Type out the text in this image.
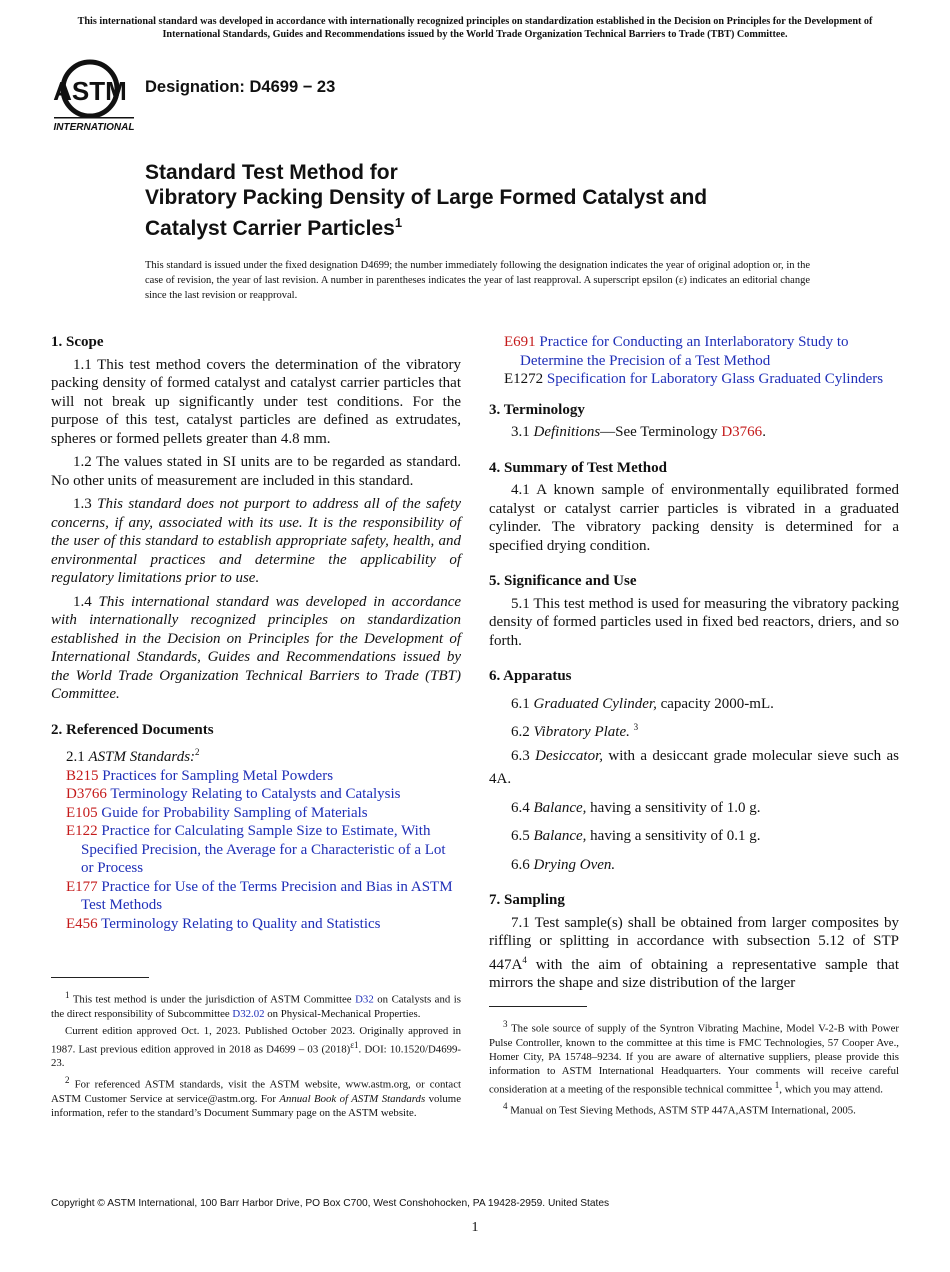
This international standard was developed in accordance with internationally recognized principles on standardization established in the Decision on Principles for the Development of International Standards, Guides and Recommendations issued by the World Trade Organization Technical Barriers to Trade (TBT) Committee.
ASTM
INTERNATIONAL
Designation: D4699 − 23
Standard Test Method for
Vibratory Packing Density of Large Formed Catalyst and
Catalyst Carrier Particles$^1$
This standard is issued under the fixed designation D4699; the number immediately following the designation indicates the year of original adoption or, in the case of revision, the year of last revision. A number in parentheses indicates the year of last reapproval. A superscript epsilon (ε) indicates an editorial change since the last revision or reapproval.
1. Scope
1.1 This test method covers the determination of the vibratory packing density of formed catalyst and catalyst carrier particles that will not break up significantly under test conditions. For the purpose of this test, catalyst particles are defined as extrudates, spheres or formed pellets greater than 4.8 mm.
1.2 The values stated in SI units are to be regarded as standard. No other units of measurement are included in this standard.
1.3 This standard does not purport to address all of the safety concerns, if any, associated with its use. It is the responsibility of the user of this standard to establish appropriate safety, health, and environmental practices and determine the applicability of regulatory limitations prior to use.
1.4 This international standard was developed in accordance with internationally recognized principles on standardization established in the Decision on Principles for the Development of International Standards, Guides and Recommendations issued by the World Trade Organization Technical Barriers to Trade (TBT) Committee.
2. Referenced Documents
2.1 ASTM Standards:$^2$
B215 Practices for Sampling Metal Powders
D3766 Terminology Relating to Catalysts and Catalysis
E105 Guide for Probability Sampling of Materials
E122 Practice for Calculating Sample Size to Estimate, With Specified Precision, the Average for a Characteristic of a Lot or Process
E177 Practice for Use of the Terms Precision and Bias in ASTM Test Methods
E456 Terminology Relating to Quality and Statistics
E691 Practice for Conducting an Interlaboratory Study to Determine the Precision of a Test Method
E1272 Specification for Laboratory Glass Graduated Cylinders
3. Terminology
3.1 Definitions—See Terminology D3766.
4. Summary of Test Method
4.1 A known sample of environmentally equilibrated formed catalyst or catalyst carrier particles is vibrated in a graduated cylinder. The vibratory packing density is determined for a specified drying condition.
5. Significance and Use
5.1 This test method is used for measuring the vibratory packing density of formed particles used in fixed bed reactors, driers, and so forth.
6. Apparatus
6.1 Graduated Cylinder, capacity 2000-mL.
6.2 Vibratory Plate. $^3$
6.3 Desiccator, with a desiccant grade molecular sieve such as 4A.
6.4 Balance, having a sensitivity of 1.0 g.
6.5 Balance, having a sensitivity of 0.1 g.
6.6 Drying Oven.
7. Sampling
7.1 Test sample(s) shall be obtained from larger composites by riffling or splitting in accordance with subsection 5.12 of STP $447A^4$ with the aim of obtaining a representative sample that mirrors the shape and size distribution of the larger

$^1$ This test method is under the jurisdiction of ASTM Committee D32 on Catalysts and is the direct responsibility of Subcommittee D32.02 on Physical-Mechanical Properties.

Current edition approved Oct. 1, 2023. Published October 2023. Originally approved in 1987. Last previous edition approved in 2018 as D4699 – 03 $(2018)^{\varepsilon 1}$. DOI: 10.1520/D4699-23.

$^2$ For referenced ASTM standards, visit the ASTM website, www.astm.org, or contact ASTM Customer Service at service@astm.org. For Annual Book of ASTM Standards volume information, refer to the standard’s Document Summary page on the ASTM website.

$^3$ The sole source of supply of the Syntron Vibrating Machine, Model V-2-B with Power Pulse Controller, known to the committee at this time is FMC Technologies, 57 Cooper Ave., Homer City, PA 15748–9234. If you are aware of alternative suppliers, please provide this information to ASTM International Headquarters. Your comments will receive careful consideration at a meeting of the responsible technical committee $^1$, which you may attend.

$^4$ Manual on Test Sieving Methods, ASTM STP 447A,ASTM International, 2005.

Copyright © ASTM International, 100 Barr Harbor Drive, PO Box C700, West Conshohocken, PA 19428-2959. United States
1
